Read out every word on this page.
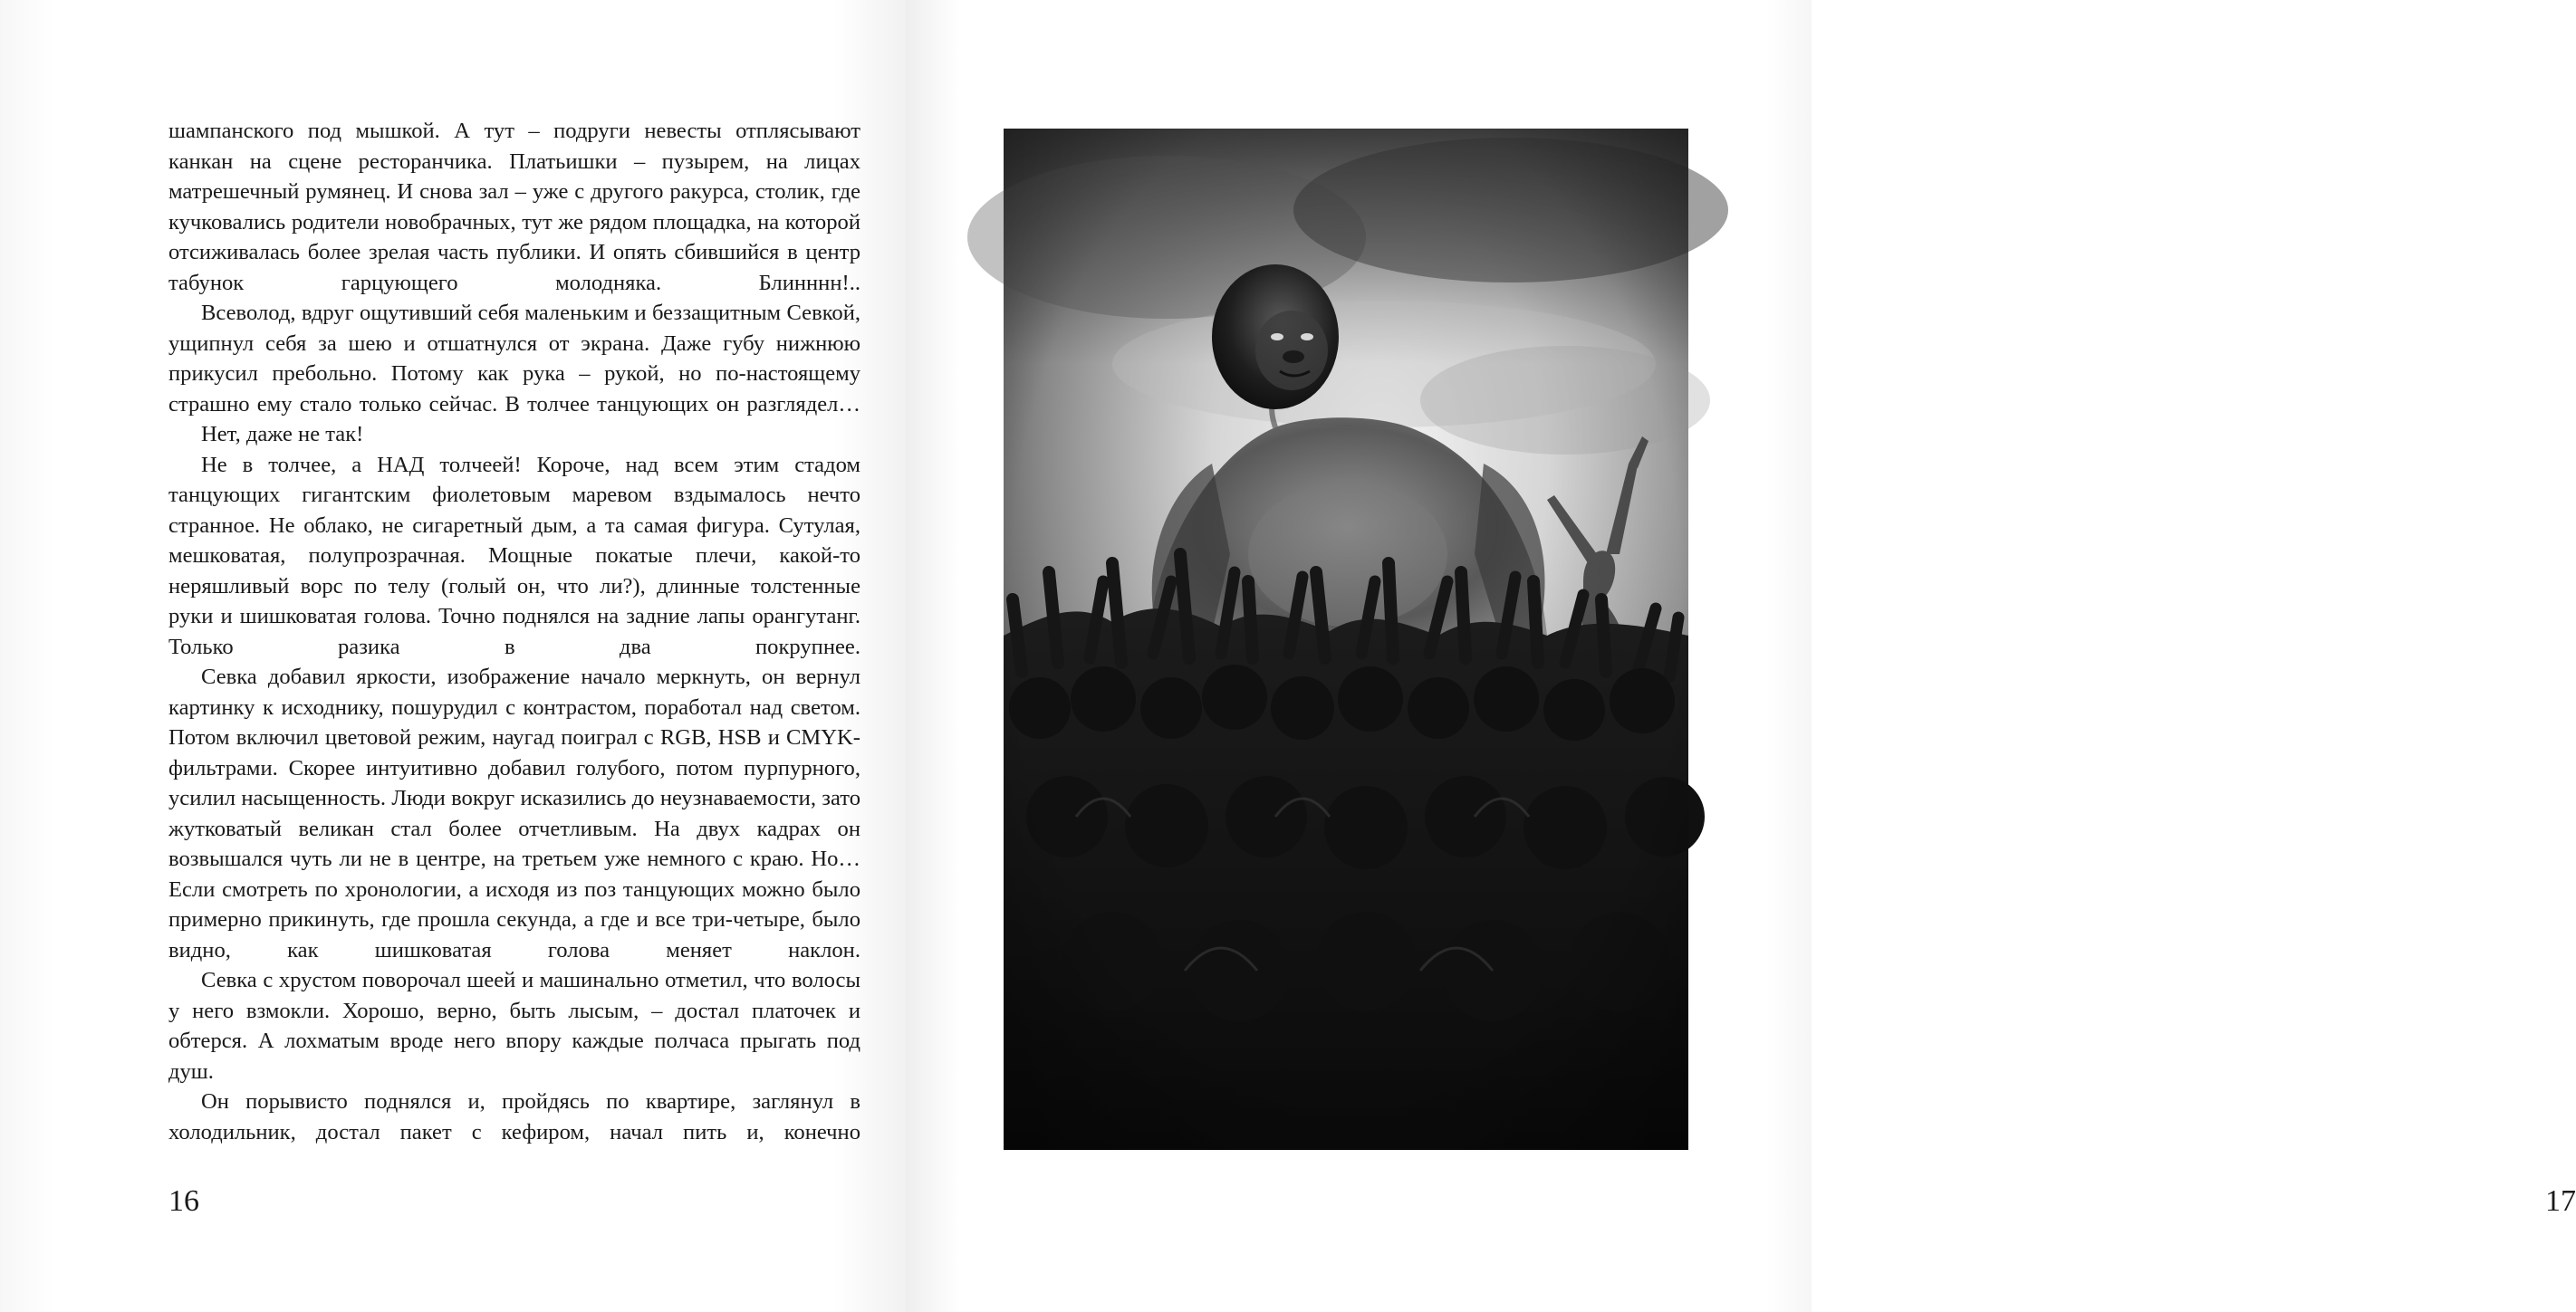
шампанского под мышкой. А тут – подруги невесты отплясывают канкан на сцене ресторанчика. Платьишки – пузырем, на лицах матрешечный румянец. И снова зал – уже с другого ракурса, столик, где кучковались родители новобрачных, тут же рядом площадка, на которой отсиживалась более зрелая часть публики. И опять сбившийся в центр табунок гарцующего молодняка. Блинннн!..

Всеволод, вдруг ощутивший себя маленьким и беззащитным Севкой, ущипнул себя за шею и отшатнулся от экрана. Даже губу нижнюю прикусил пребольно. Потому как рука – рукой, но по-настоящему страшно ему стало только сейчас. В толчее танцующих он разглядел…

Нет, даже не так!

Не в толчее, а НАД толчеей! Короче, над всем этим стадом танцующих гигантским фиолетовым маревом вздымалось нечто странное. Не облако, не сигаретный дым, а та самая фигура. Сутулая, мешковатая, полупрозрачная. Мощные покатые плечи, какой-то неряшливый ворс по телу (голый он, что ли?), длинные толстенные руки и шишковатая голова. Точно поднялся на задние лапы орангутанг. Только разика в два покрупнее.

Севка добавил яркости, изображение начало меркнуть, он вернул картинку к исходнику, пошурудил с контрастом, поработал над светом. Потом включил цветовой режим, наугад поиграл с RGB, HSB и CMYK-фильтрами. Скорее интуитивно добавил голубого, потом пурпурного, усилил насыщенность. Люди вокруг исказились до неузнаваемости, зато жутковатый великан стал более отчетливым. На двух кадрах он возвышался чуть ли не в центре, на третьем уже немного с краю. Но… Если смотреть по хронологии, а исходя из поз танцующих можно было примерно прикинуть, где прошла секунда, а где и все три-четыре, было видно, как шишковатая голова меняет наклон.

Севка с хрустом поворочал шеей и машинально отметил, что волосы у него взмокли. Хорошо, верно, быть лысым, – достал платочек и обтерся. А лохматым вроде него впору каждые полчаса прыгать под душ.

Он порывисто поднялся и, пройдясь по квартире, заглянул в холодильник, достал пакет с кефиром, начал пить и, конечно

16	17
